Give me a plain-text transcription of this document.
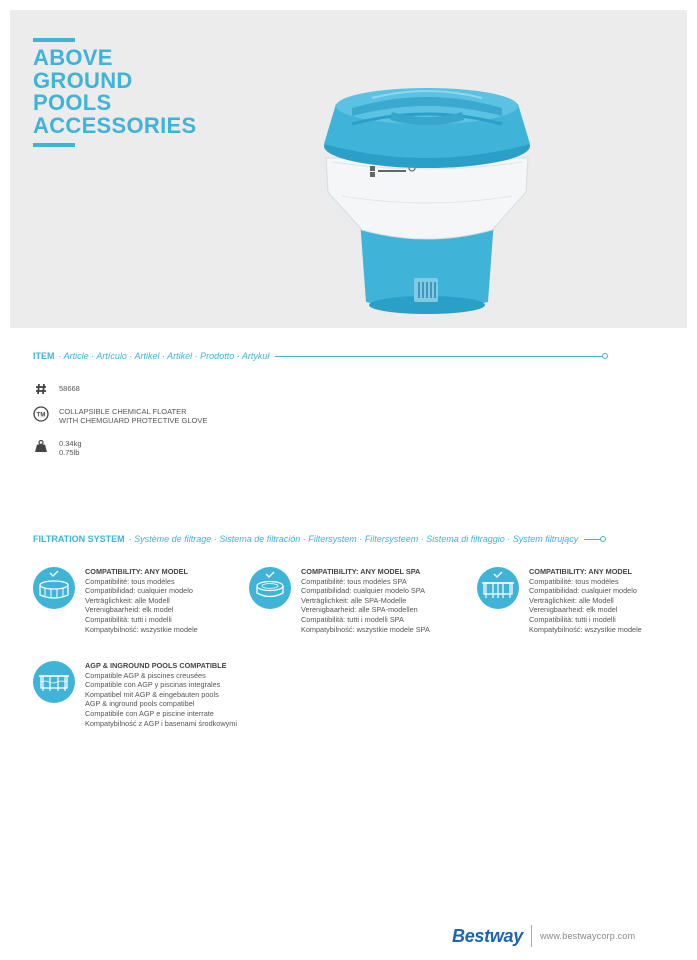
ABOVE
GROUND
POOLS
ACCESSORIES
ITEM · Article · Artículo · Artikel · Artikel · Prodotto · Artykuł
58668
TM COLLAPSIBLE CHEMICAL FLOATER
WITH CHEMGUARD PROTECTIVE GLOVE
0.34kg
0.75lb
FILTRATION SYSTEM · Système de filtrage · Sistema de filtración · Filtersystem · Filtersysteem · Sistema di filtraggio · System filtrujący
COMPATIBILITY: ANY MODEL
Compatibilité: tous modèles
Compatibilidad: cualquier modelo
Verträglichkeit: alle Modell
Verenigbaarheid: elk model
Compatibilità: tutti i modelli
Kompatybilność: wszystkie modele
COMPATIBILITY: ANY MODEL SPA
Compatibilité: tous modèles SPA
Compatibilidad: cualquier modelo SPA
Verträglichkeit: alle SPA-Modelle
Verenigbaarheid: alle SPA-modellen
Compatibilità: tutti i modelli SPA
Kompatybilność: wszystkie modele SPA
COMPATIBILITY: ANY MODEL
Compatibilité: tous modèles
Compatibilidad: cualquier modelo
Verträglichkeit: alle Modell
Verenigbaarheid: elk model
Compatibilità: tutti i modelli
Kompatybilność: wszystkie modele
AGP & INGROUND POOLS COMPATIBLE
Compatible AGP & piscines creusées
Compatible con AGP y piscinas integrales
Kompatibel mit AGP & eingebauten pools
AGP & inground pools compatibel
Compatibile con AGP e piscine interrate
Kompatybilność z AGP i basenami środkowymi
Bestway www.bestwaycorp.com
